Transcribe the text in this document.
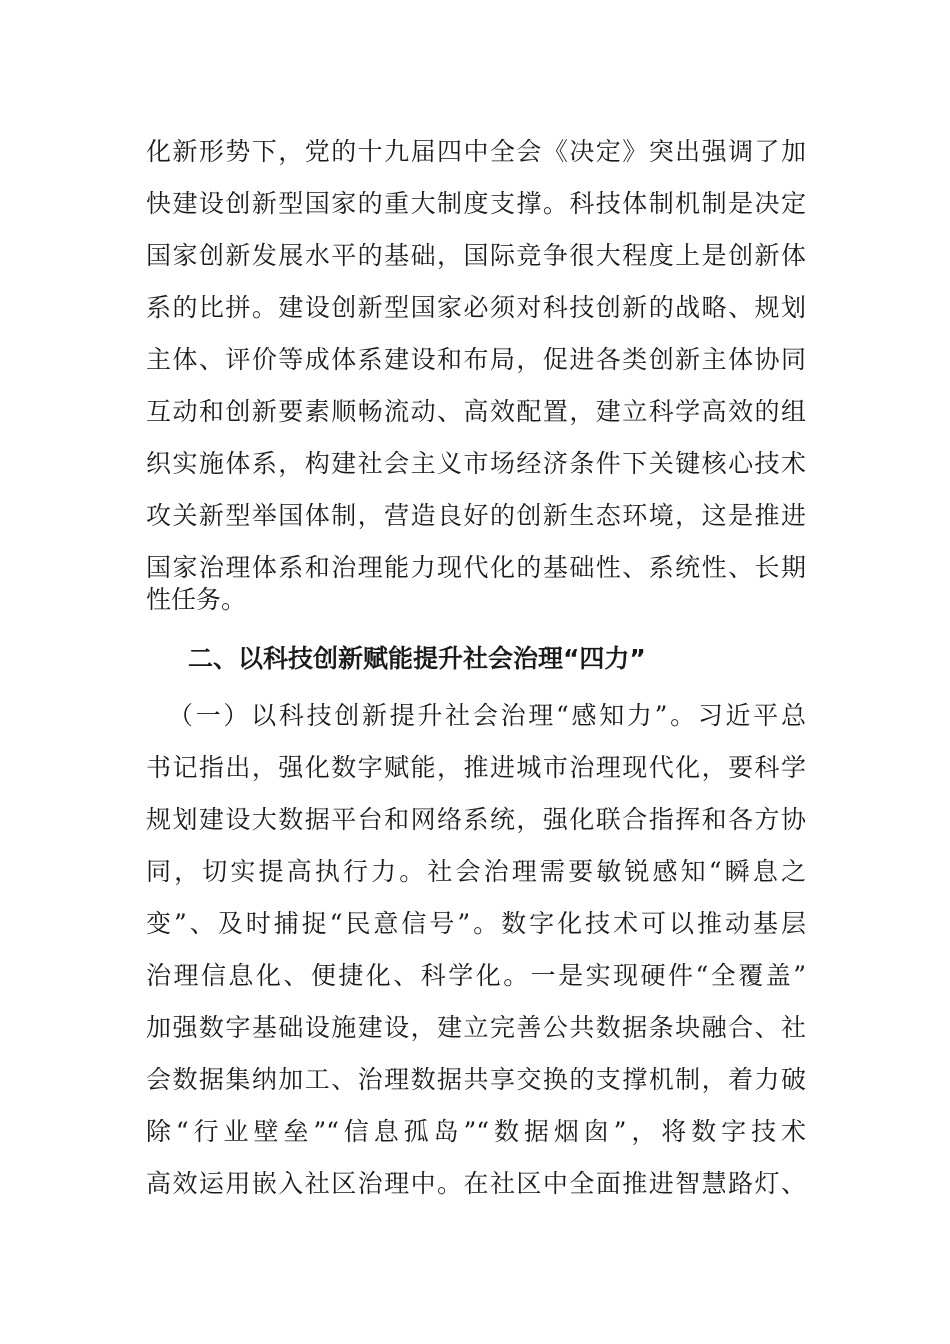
化新形势下，党的十九届四中全会《决定》突出强调了加
快建设创新型国家的重大制度支撑。科技体制机制是决定
国家创新发展水平的基础，国际竞争很大程度上是创新体
系的比拼。建设创新型国家必须对科技创新的战略、规划
主体、评价等成体系建设和布局，促进各类创新主体协同
互动和创新要素顺畅流动、高效配置，建立科学高效的组
织实施体系，构建社会主义市场经济条件下关键核心技术
攻关新型举国体制，营造良好的创新生态环境，这是推进
国家治理体系和治理能力现代化的基础性、系统性、长期
性任务。
二、以科技创新赋能提升社会治理“四力”
（一）以科技创新提升社会治理“感知力”。习近平总
书记指出，强化数字赋能，推进城市治理现代化，要科学
规划建设大数据平台和网络系统，强化联合指挥和各方协
同，切实提高执行力。社会治理需要敏锐感知“瞬息之
变”、及时捕捉“民意信号”。数字化技术可以推动基层
治理信息化、便捷化、科学化。一是实现硬件“全覆盖”
加强数字基础设施建设，建立完善公共数据条块融合、社
会数据集纳加工、治理数据共享交换的支撑机制，着力破
除“行业壁垒”“信息孤岛”“数据烟囱”，将数字技术
高效运用嵌入社区治理中。在社区中全面推进智慧路灯、
